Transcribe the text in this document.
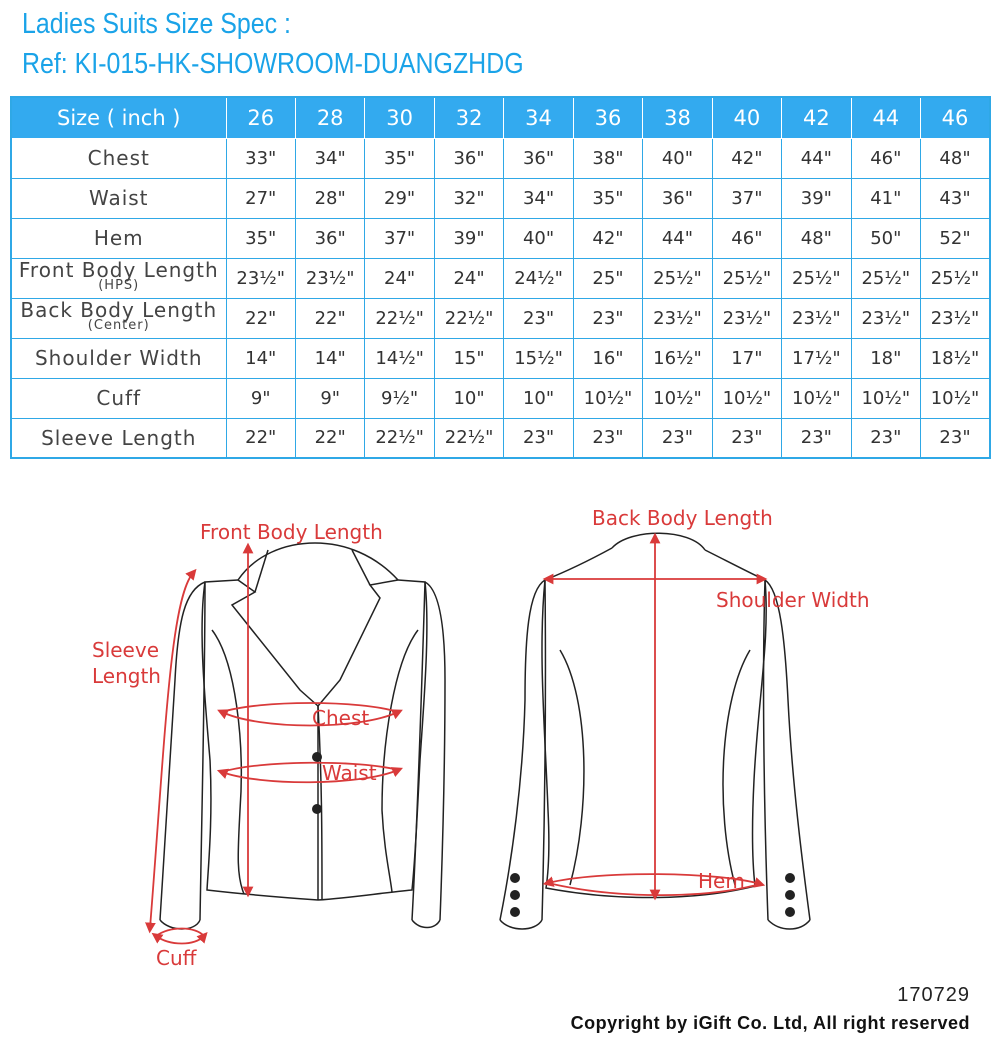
Ladies Suits Size Spec :
Ref: KI-015-HK-SHOWROOM-DUANGZHDG
Size ( inch )	26	28	30	32	34	36	38	40	42	44	46
Chest	33"	34"	35"	36"	36"	38"	40"	42"	44"	46"	48"
Waist	27"	28"	29"	32"	34"	35"	36"	37"	39"	41"	43"
Hem	35"	36"	37"	39"	40"	42"	44"	46"	48"	50"	52"
Front Body Length
(HPS)	23½"	23½"	24"	24"	24½"	25"	25½"	25½"	25½"	25½"	25½"
Back Body Length
(Center)	22"	22"	22½"	22½"	23"	23"	23½"	23½"	23½"	23½"	23½"
Shoulder Width	14"	14"	14½"	15"	15½"	16"	16½"	17"	17½"	18"	18½"
Cuff	9"	9"	9½"	10"	10"	10½"	10½"	10½"	10½"	10½"	10½"
Sleeve Length	22"	22"	22½"	22½"	23"	23"	23"	23"	23"	23"	23"
Front Body Length
Sleeve
Length
Chest
Waist
Cuff
Back Body Length
Shoulder Width
Hem
170729
Copyright by iGift Co. Ltd, All right reserved
